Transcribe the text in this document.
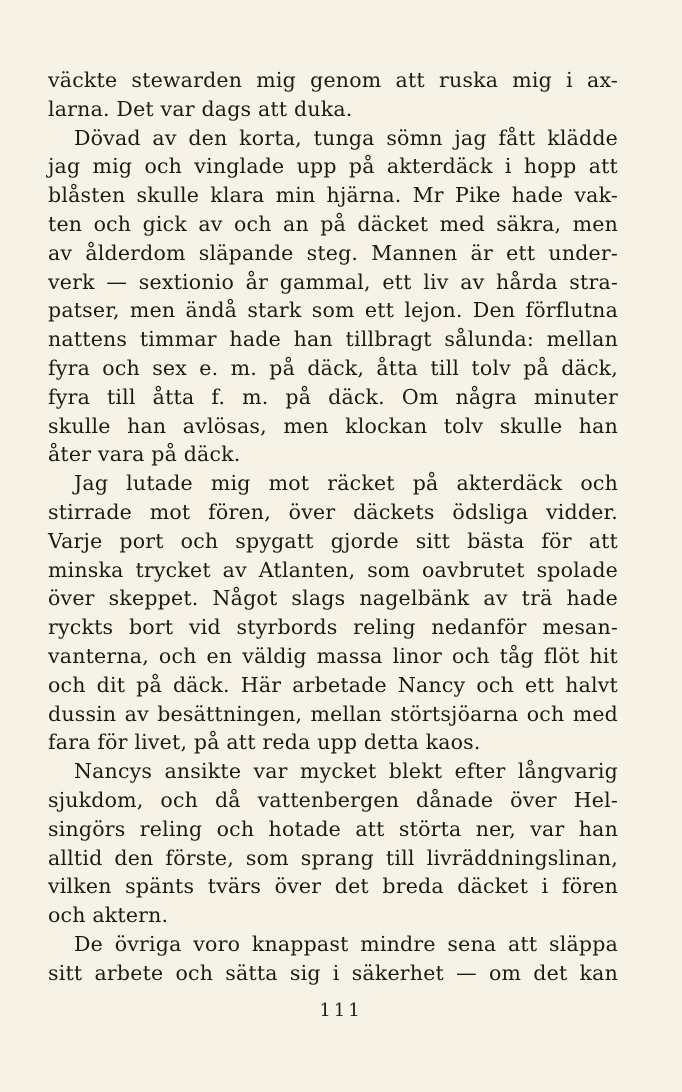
väckte stewarden mig genom att ruska mig i ax-
larna. Det var dags att duka.
Dövad av den korta, tunga sömn jag fått klädde
jag mig och vinglade upp på akterdäck i hopp att
blåsten skulle klara min hjärna. Mr Pike hade vak-
ten och gick av och an på däcket med säkra, men
av ålderdom släpande steg. Mannen är ett under-
verk — sextionio år gammal, ett liv av hårda stra-
patser, men ändå stark som ett lejon. Den förflutna
nattens timmar hade han tillbragt sålunda: mellan
fyra och sex e. m. på däck, åtta till tolv på däck,
fyra till åtta f. m. på däck. Om några minuter
skulle han avlösas, men klockan tolv skulle han
åter vara på däck.
Jag lutade mig mot räcket på akterdäck och
stirrade mot fören, över däckets ödsliga vidder.
Varje port och spygatt gjorde sitt bästa för att
minska trycket av Atlanten, som oavbrutet spolade
över skeppet. Något slags nagelbänk av trä hade
ryckts bort vid styrbords reling nedanför mesan-
vanterna, och en väldig massa linor och tåg flöt hit
och dit på däck. Här arbetade Nancy och ett halvt
dussin av besättningen, mellan störtsjöarna och med
fara för livet, på att reda upp detta kaos.
Nancys ansikte var mycket blekt efter långvarig
sjukdom, och då vattenbergen dånade över Hel-
singörs reling och hotade att störta ner, var han
alltid den förste, som sprang till livräddningslinan,
vilken spänts tvärs över det breda däcket i fören
och aktern.
De övriga voro knappast mindre sena att släppa
sitt arbete och sätta sig i säkerhet — om det kan
111
